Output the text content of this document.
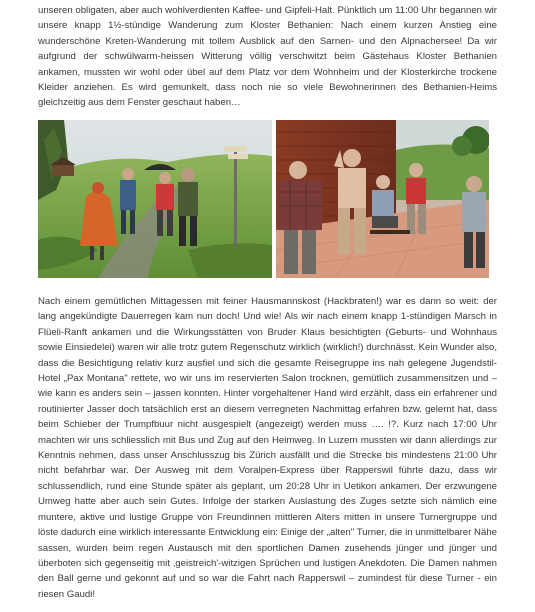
unseren obligaten, aber auch wohlverdienten Kaffee- und Gipfeli-Halt. Pünktlich um 11:00 Uhr begannen wir unsere knapp 1½-stündige Wanderung zum Kloster Bethanien: Nach einem kurzen Anstieg eine wunderschöne Kreten-Wanderung mit tollem Ausblick auf den Sarnen- und den Alpnachersee! Da wir aufgrund der schwülwarm-heissen Witterung völlig verschwitzt beim Gästehaus Kloster Bethanien ankamen, mussten wir wohl oder übel auf dem Platz vor dem Wohnheim und der Klosterkirche trockene Kleider anziehen. Es wird gemunkelt, dass noch nie so viele Bewohnerinnen des Bethanien-Heims gleichzeitig aus dem Fenster geschaut haben…

Nach einem gemütlichen Mittagessen mit feiner Hausmannskost (Hackbraten!) war es dann so weit: der lang angekündigte Dauerregen kam nun doch! Und wie! Als wir nach einem knapp 1-stündigen Marsch in Flüeli-Ranft ankamen und die Wirkungsstätten von Bruder Klaus besichtigten (Geburts- und Wohnhaus sowie Einsiedelei) waren wir alle trotz gutem Regenschutz wirklich (wirklich!) durchnässt. Kein Wunder also, dass die Besichtigung relativ kurz ausfiel und sich die gesamte Reisegruppe ins nah gelegene Jugendstil-Hotel „Pax Montana" rettete, wo wir uns im reservierten Salon trocknen, gemütlich zusammensitzen und – wie kann es anders sein – jassen konnten. Hinter vorgehaltener Hand wird erzählt, dass ein erfahrener und routinierter Jasser doch tatsächlich erst an diesem verregneten Nachmittag erfahren bzw. gelernt hat, dass beim Schieber der Trumpfbuur nicht ausgespielt (angezeigt) werden muss …. !?. Kurz nach 17:00 Uhr machten wir uns schliesslich mit Bus und Zug auf den Heimweg. In Luzern mussten wir dann allerdings zur Kenntnis nehmen, dass unser Anschlusszug bis Zürich ausfällt und die Strecke bis mindestens 21:00 Uhr nicht befahrbar war. Der Ausweg mit dem Voralpen-Express über Rapperswil führte dazu, dass wir schlussendlich, rund eine Stunde später als geplant, um 20:28 Uhr in Uetikon ankamen. Der erzwungene Umweg hatte aber auch sein Gutes. Infolge der starken Auslastung des Zuges setzte sich nämlich eine muntere, aktive und lustige Gruppe von Freundinnen mittleren Alters mitten in unsere Turnergruppe und löste dadurch eine wirklich interessante Entwicklung ein: Einige der „alten" Turner, die in unmittelbarer Nähe sassen, wurden beim regen Austausch mit den sportlichen Damen zusehends jünger und jünger und überboten sich gegenseitig mit ‚geistreich'-witzigen Sprüchen und lustigen Anekdoten. Die Damen nahmen den Ball gerne und gekonnt auf und so war die Fahrt nach Rapperswil – zumindest für diese Turner - ein riesen Gaudi!
